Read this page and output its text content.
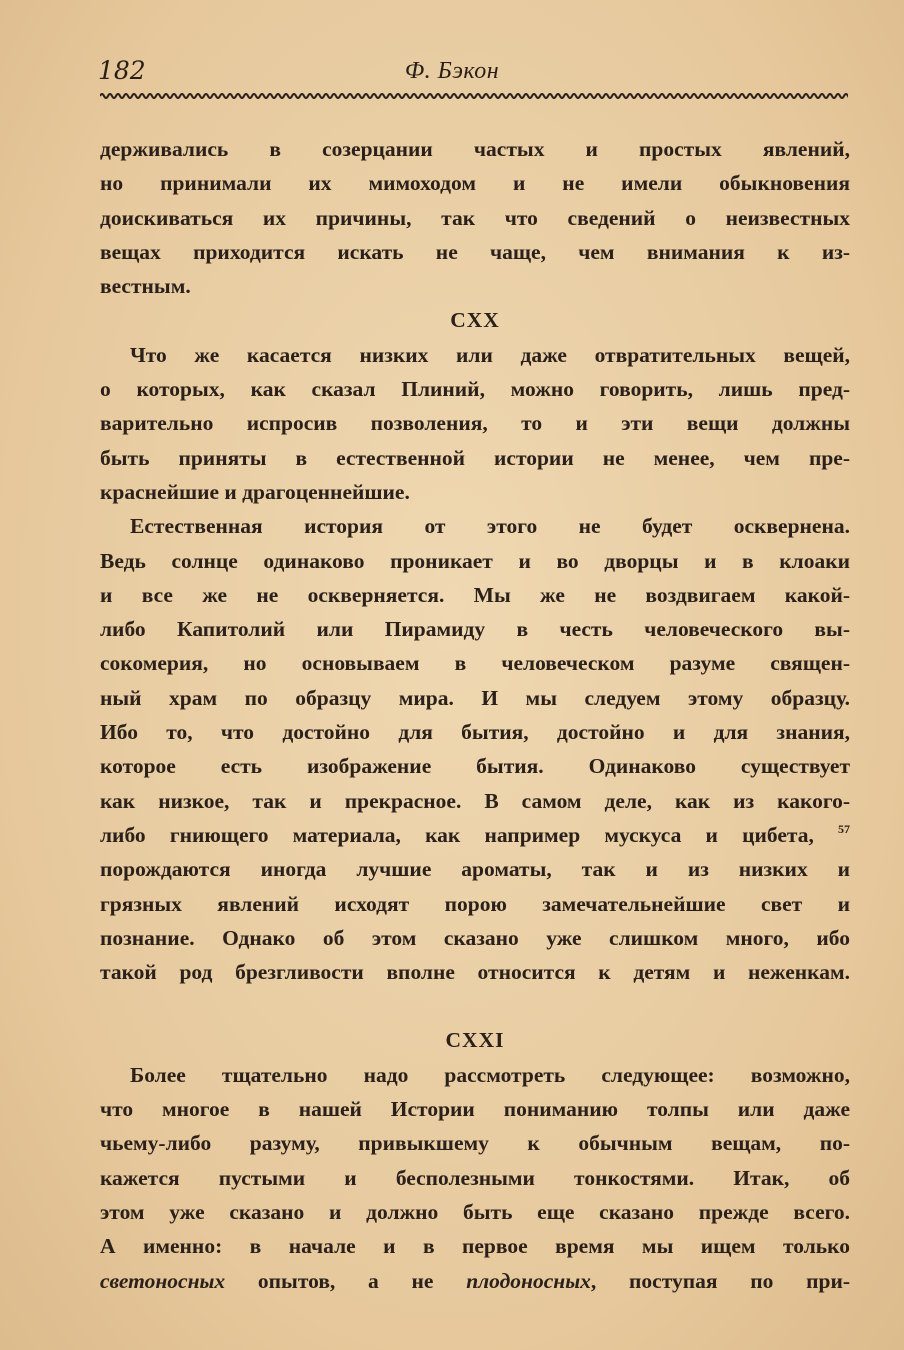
182	Ф. Бэкон
держивались в созерцании частых и простых явлений,
но принимали их мимоходом и не имели обыкновения
доискиваться их причины, так что сведений о неизвестных
вещах приходится искать не чаще, чем внимания к из-
вестным.
CXX
Что же касается низких или даже отвратительных вещей,
о которых, как сказал Плиний, можно говорить, лишь пред-
варительно испросив позволения, то и эти вещи должны
быть приняты в естественной истории не менее, чем пре-
краснейшие и драгоценнейшие.
Естественная история от этого не будет осквернена.
Ведь солнце одинаково проникает и во дворцы и в клоаки
и все же не оскверняется. Мы же не воздвигаем какой-
либо Капитолий или Пирамиду в честь человеческого вы-
сокомерия, но основываем в человеческом разуме священ-
ный храм по образцу мира. И мы следуем этому образцу.
Ибо то, что достойно для бытия, достойно и для знания,
которое есть изображение бытия. Одинаково существует
как низкое, так и прекрасное. В самом деле, как из какого-
либо гниющего материала, как например мускуса и цибета, $^{57}$
порождаются иногда лучшие ароматы, так и из низких и
грязных явлений исходят порою замечательнейшие свет и
познание. Однако об этом сказано уже слишком много, ибо
такой род брезгливости вполне относится к детям и неженкам.
CXXI
Более тщательно надо рассмотреть следующее: возможно,
что многое в нашей Истории пониманию толпы или даже
чьему-либо разуму, привыкшему к обычным вещам, по-
кажется пустыми и бесполезными тонкостями. Итак, об
этом уже сказано и должно быть еще сказано прежде всего.
А именно: в начале и в первое время мы ищем только
светоносных опытов, а не плодоносных, поступая по при-
